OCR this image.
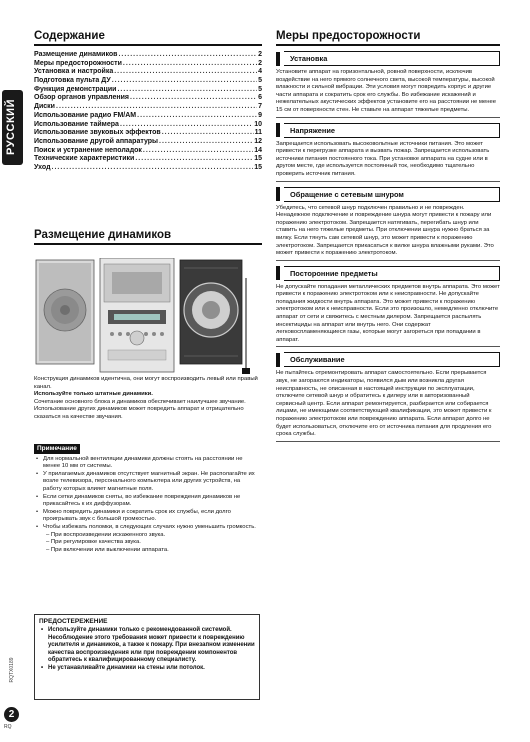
РУССКИЙ
RQTX0189
2
RQ
Содержание
Размещение динамиков .....	2
Меры предосторожности .....	2
Установка и настройка .....	4
Подготовка пульта ДУ .....	5
Функция демонстрации .....	5
Обзор органов управления .....	6
Диски .....	7
Использование радио FM/AM .....	9
Использование таймера .....	10
Использование звуковых эффектов .....	11
Использование другой аппаратуры .....	12
Поиск и устранение неполадок .....	14
Технические характеристики .....	15
Уход .....	15
Размещение динамиков
Конструкция динамиков идентична, они могут воспроизводить левый или правый канал.
Используйте только штатные динамики.
Сочетание основного блока и динамиков обеспечивает наилучшее звучание. Использование других динамиков может повредить аппарат и отрицательно сказаться на качестве звучания.
Примечание
• Для нормальной вентиляции динамики должны стоять на расстоянии не менее 10 мм от системы.
• У прилагаемых динамиков отсутствует магнитный экран. Не располагайте их возле телевизора, персонального компьютера или других устройств, на работу которых влияет магнитные поля.
• Если сетки динамиков сняты, во избежание повреждения динамиков не прикасайтесь к их диффузорам.
• Можно повредить динамики и сократить срок их службы, если долго проигрывать звук с большой громкостью.
• Чтобы избежать поломки, в следующих случаях нужно уменьшить громкость.
– При воспроизведении искаженного звука.
– При регулировке качества звука.
– При включении или выключении аппарата.
ПРЕДОСТЕРЕЖЕНИЕ
• Используйте динамики только с рекомендованной системой. Несоблюдение этого требования может привести к повреждению усилителя и динамиков, а также к пожару. При внезапном изменении качества воспроизведения или при повреждении компонентов обратитесь к квалифицированному специалисту.
• Не устанавливайте динамики на стены или потолок.
Меры предосторожности
Установка
Установите аппарат на горизонтальной, ровной поверхности, исключив воздействие на него прямого солнечного света, высокой температуры, высокой влажности и сильной вибрации. Эти условия могут повредить корпус и другие части аппарата и сократить срок его службы. Во избежание искажений и нежелательных акустических эффектов установите его на расстоянии не менее 15 см от поверхности стен. Не ставьте на аппарат тяжелые предметы.
Напряжение
Запрещается использовать высоковольтные источники питания. Это может привести к перегрузке аппарата и вызвать пожар. Запрещается использовать источники питания постоянного тока. При установке аппарата на судне или в другом месте, где используется постоянный ток, необходимо тщательно проверить источник питания.
Обращение с сетевым шнуром
Убедитесь, что сетевой шнур подключен правильно и не поврежден. Ненадежное подключение и повреждение шнура могут привести к пожару или поражению электротоком. Запрещается натягивать, перегибать шнур или ставить на него тяжелые предметы. При отключении шнура нужно браться за вилку. Если тянуть сам сетевой шнур, это может привести к поражению электротоком. Запрещается прикасаться к вилке шнура влажными руками. Это может привести к поражению электротоком.
Посторонние предметы
Не допускайте попадания металлических предметов внутрь аппарата. Это может привести к поражению электротоком или к неисправности. Не допускайте попадания жидкости внутрь аппарата. Это может привести к поражению электротоком или к неисправности. Если это произошло, немедленно отключите аппарат от сети и свяжитесь с местным дилером. Запрещается распылять инсектициды на аппарат или внутрь него. Они содержат легковоспламеняющиеся газы, которые могут загореться при попадании в аппарат.
Обслуживание
Не пытайтесь отремонтировать аппарат самостоятельно. Если прерывается звук, не загораются индикаторы, появился дым или возникла другая неисправность, не описанная в настоящей инструкции по эксплуатации, отключите сетевой шнур и обратитесь к дилеру или в авторизованный сервисный центр. Если аппарат ремонтируется, разбирается или собирается лицами, не имеющими соответствующей квалификации, это может привести к поражению электротоком или повреждению аппарата. Если аппарат долго не будет использоваться, отключите его от источника питания для продления его срока службы.
